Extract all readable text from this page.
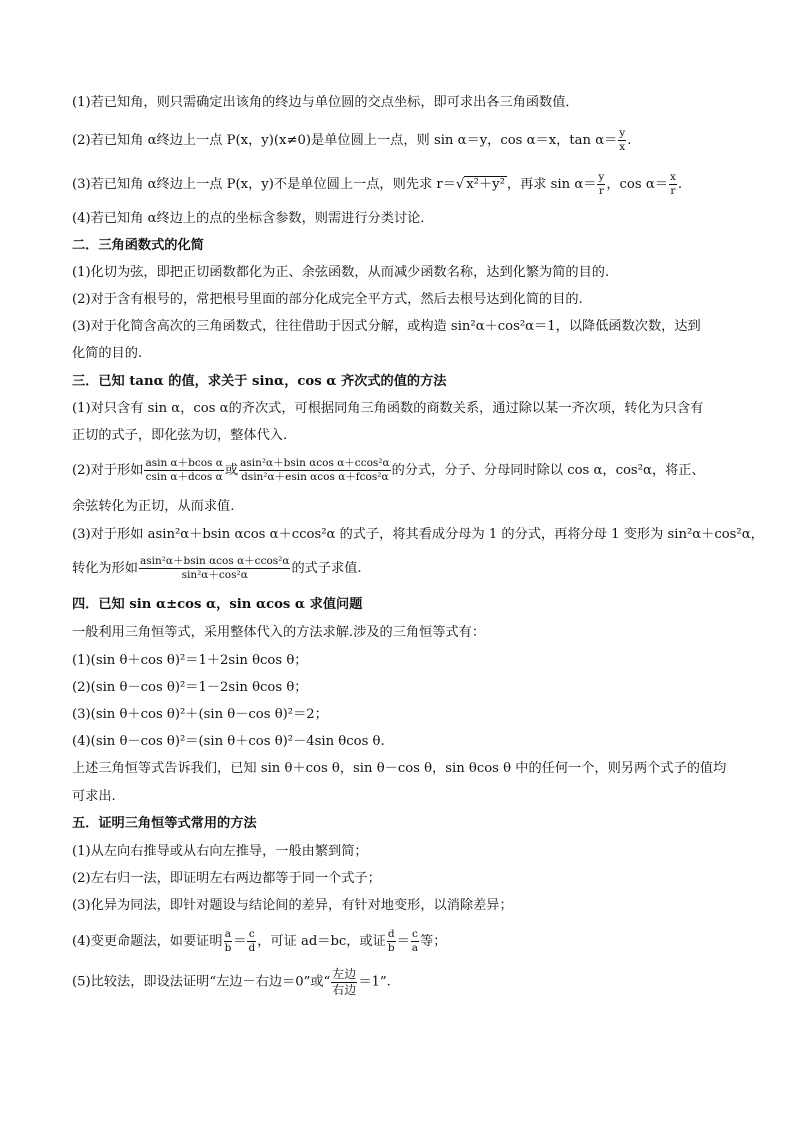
(1)若已知角，则只需确定出该角的终边与单位圆的交点坐标，即可求出各三角函数值．
(2)若已知角 α终边上一点 P(x，y)(x≠0)是单位圆上一点，则 sin α＝y，cos α＝x，$\tan \alpha= \frac{y}{x}$ .
(3)若已知角 α终边上一点 P(x，y)不是单位圆上一点，则先求 r＝√ x²＋y² ，再求 $\sin \alpha= \frac{y}{r}$ ，$\cos \alpha= \frac{x}{r}$ .
(4)若已知角 α终边上的点的坐标含参数，则需进行分类讨论．
二．三角函数式的化简
(1)化切为弦，即把正切函数都化为正、余弦函数，从而减少函数名称，达到化繁为简的目的.
(2)对于含有根号的，常把根号里面的部分化成完全平方式，然后去根号达到化简的目的.
(3)对于化简含高次的三角函数式，往往借助于因式分解，或构造 sin²α＋cos²α＝1，以降低函数次数，达到
化简的目的.
三．已知 tanα 的值，求关于 sinα，cos α 齐次式的值的方法
(1)对只含有 sin α，cos α的齐次式，可根据同角三角函数的商数关系，通过除以某一齐次项，转化为只含有
正切的式子，即化弦为切，整体代入.
(2)对于形如 $\frac{\text{asin α＋bcos α}}{\text{csin α＋dcos α}}$ 或 $\frac{\text{asin²α＋bsin αcos α＋ccos²α}}{\text{dsin²α＋esin αcos α＋fcos²α}}$ 的分式，分子、分母同时除以 cos α，cos²α，将正、
余弦转化为正切，从而求值.
(3)对于形如 asin²α＋bsin αcos α＋ccos²α 的式子，将其看成分母为 1 的分式，再将分母 1 变形为 sin²α＋cos²α，
转化为形如 $\frac{\text{asin²α＋bsin αcos α＋ccos²α}}{\text{sin²α＋cos²α}}$ 的式子求值.
四．已知 sin α±cos α，sin αcos α 求值问题
一般利用三角恒等式，采用整体代入的方法求解.涉及的三角恒等式有：
(1)(sin θ＋cos θ)²＝1＋2sin θcos θ；
(2)(sin θ－cos θ)²＝1－2sin θcos θ；
(3)(sin θ＋cos θ)²＋(sin θ－cos θ)²＝2；
(4)(sin θ－cos θ)²＝(sin θ＋cos θ)²－4sin θcos θ.
上述三角恒等式告诉我们，已知 sin θ＋cos θ，sin θ－cos θ，sin θcos θ 中的任何一个，则另两个式子的值均
可求出.
五．证明三角恒等式常用的方法
(1)从左向右推导或从右向左推导，一般由繁到简；
(2)左右归一法，即证明左右两边都等于同一个式子；
(3)化异为同法，即针对题设与结论间的差异，有针对地变形，以消除差异；
(4)变更命题法，如要证明 $\frac{a}{b} = \frac{c}{d}$ ，可证 ad＝bc，或证 $\frac{d}{b} = \frac{c}{a}$ 等；
(5)比较法，即设法证明“左边－右边＝0”或“ $\frac{\text{左边}}{\text{右边}} =1$”.
